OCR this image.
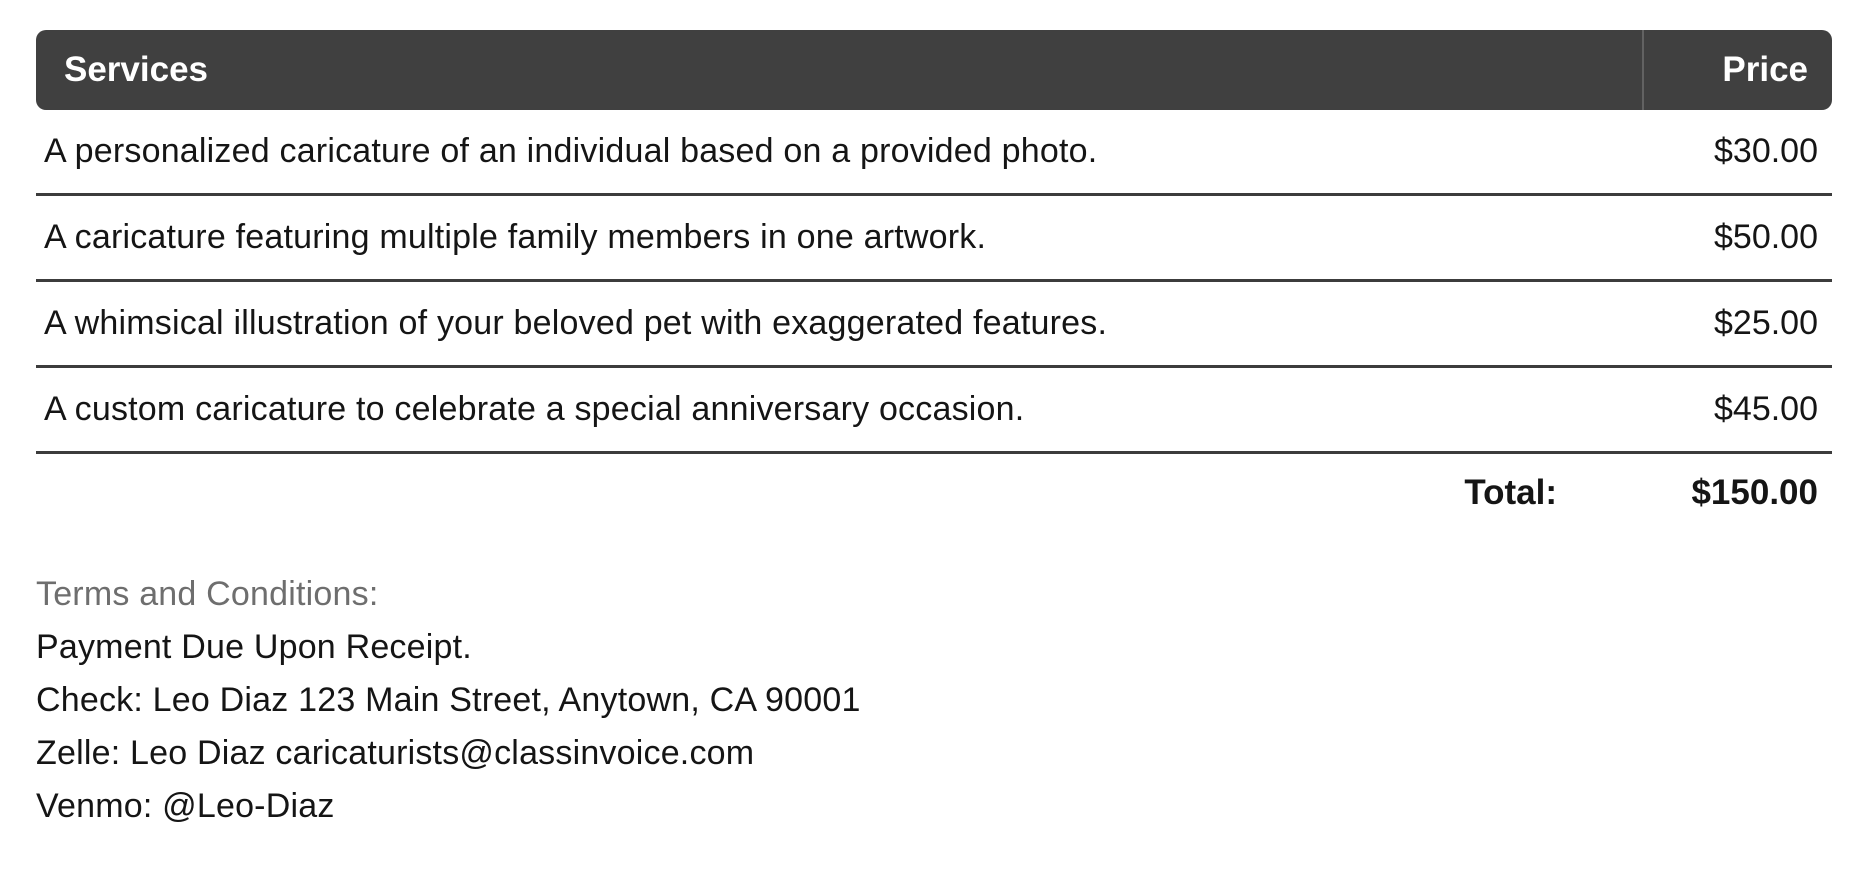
Services	Price
A personalized caricature of an individual based on a provided photo.	$30.00
A caricature featuring multiple family members in one artwork.	$50.00
A whimsical illustration of your beloved pet with exaggerated features.	$25.00
A custom caricature to celebrate a special anniversary occasion.	$45.00
Total:	$150.00
Terms and Conditions:
Payment Due Upon Receipt.
Check: Leo Diaz 123 Main Street, Anytown, CA 90001
Zelle: Leo Diaz caricaturists@classinvoice.com
Venmo: @Leo-Diaz
